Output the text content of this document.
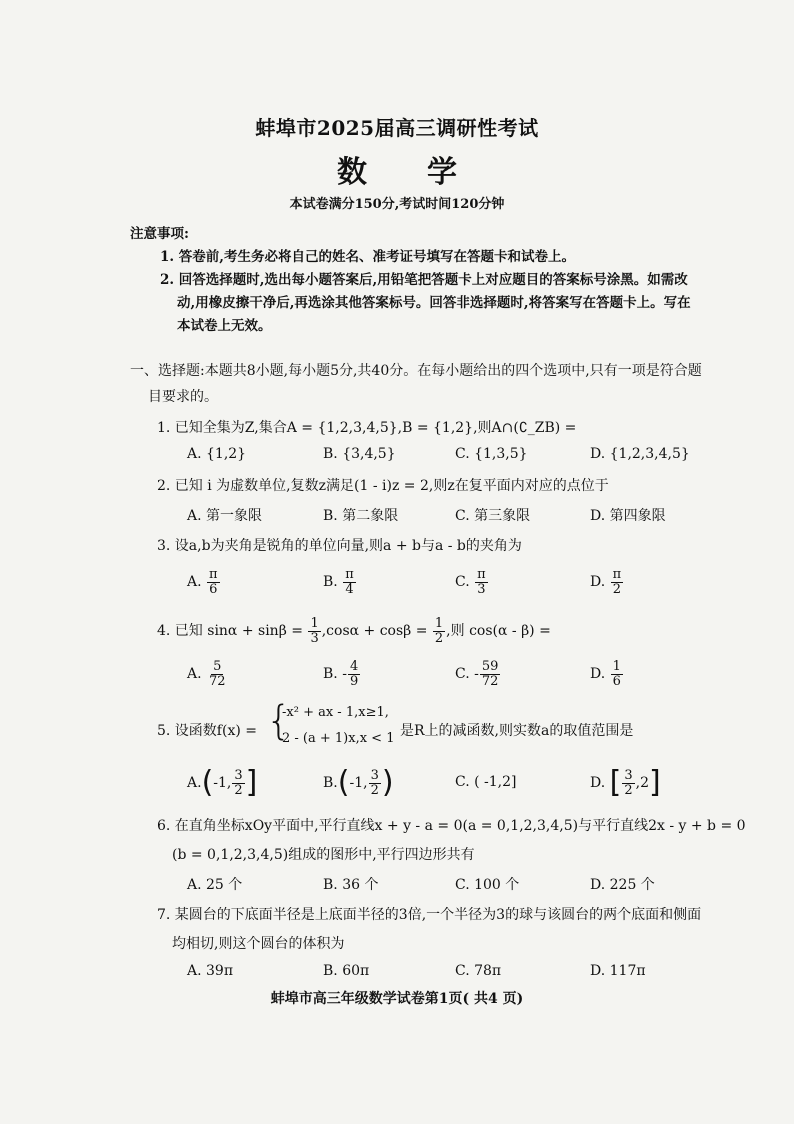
蚌埠市2025届高三调研性考试
数学
本试卷满分150分,考试时间120分钟
注意事项:
1. 答卷前,考生务必将自己的姓名、准考证号填写在答题卡和试卷上。
2. 回答选择题时,选出每小题答案后,用铅笔把答题卡上对应题目的答案标号涂黑。如需改
动,用橡皮擦干净后,再选涂其他答案标号。回答非选择题时,将答案写在答题卡上。写在
本试卷上无效。
一、选择题:本题共8小题,每小题5分,共40分。在每小题给出的四个选项中,只有一项是符合题
目要求的。
1. 已知全集为Z,集合A = {1,2,3,4,5},B = {1,2},则A∩(∁_ZB) =
A. {1,2}	B. {3,4,5}	C. {1,3,5}	D. {1,2,3,4,5}
2. 已知 i 为虚数单位,复数z满足(1 - i)z = 2,则z在复平面内对应的点位于
A. 第一象限	B. 第二象限	C. 第三象限	D. 第四象限
3. 设a,b为夹角是锐角的单位向量,则a + b与a - b的夹角为
A. $\frac{\pi}{6}$	B. $\frac{\pi}{4}$	C. $\frac{\pi}{3}$	D. $\frac{\pi}{2}$
4. 已知 $\sin\alpha + \sin\beta = \frac{1}{3} ,\cos\alpha + \cos\beta = \frac{1}{2}$ ,则 cos(α - β) =
A. $\frac{5}{72}$	B. - $\frac{4}{9}$	C. - $\frac{59}{72}$	D. $\frac{1}{6}$
5. 设函数f(x) = {
-x² + ax - 1,x≥1,
2 - (a + 1)x,x < 1 是R上的减函数,则实数a的取值范围是
A.(-1, $\frac{3}{2}$ ]	B.(-1, $\frac{3}{2}$ )	C. ( -1,2]	D. [ $\frac{3}{2} ,2$]
6. 在直角坐标xOy平面中,平行直线x + y - a = 0(a = 0,1,2,3,4,5)与平行直线2x - y + b = 0
(b = 0,1,2,3,4,5)组成的图形中,平行四边形共有
A. 25 个	B. 36 个	C. 100 个	D. 225 个
7. 某圆台的下底面半径是上底面半径的3倍,一个半径为3的球与该圆台的两个底面和侧面
均相切,则这个圆台的体积为
A. 39π	B. 60π	C. 78π	D. 117π
蚌埠市高三年级数学试卷第1页( 共4 页)
